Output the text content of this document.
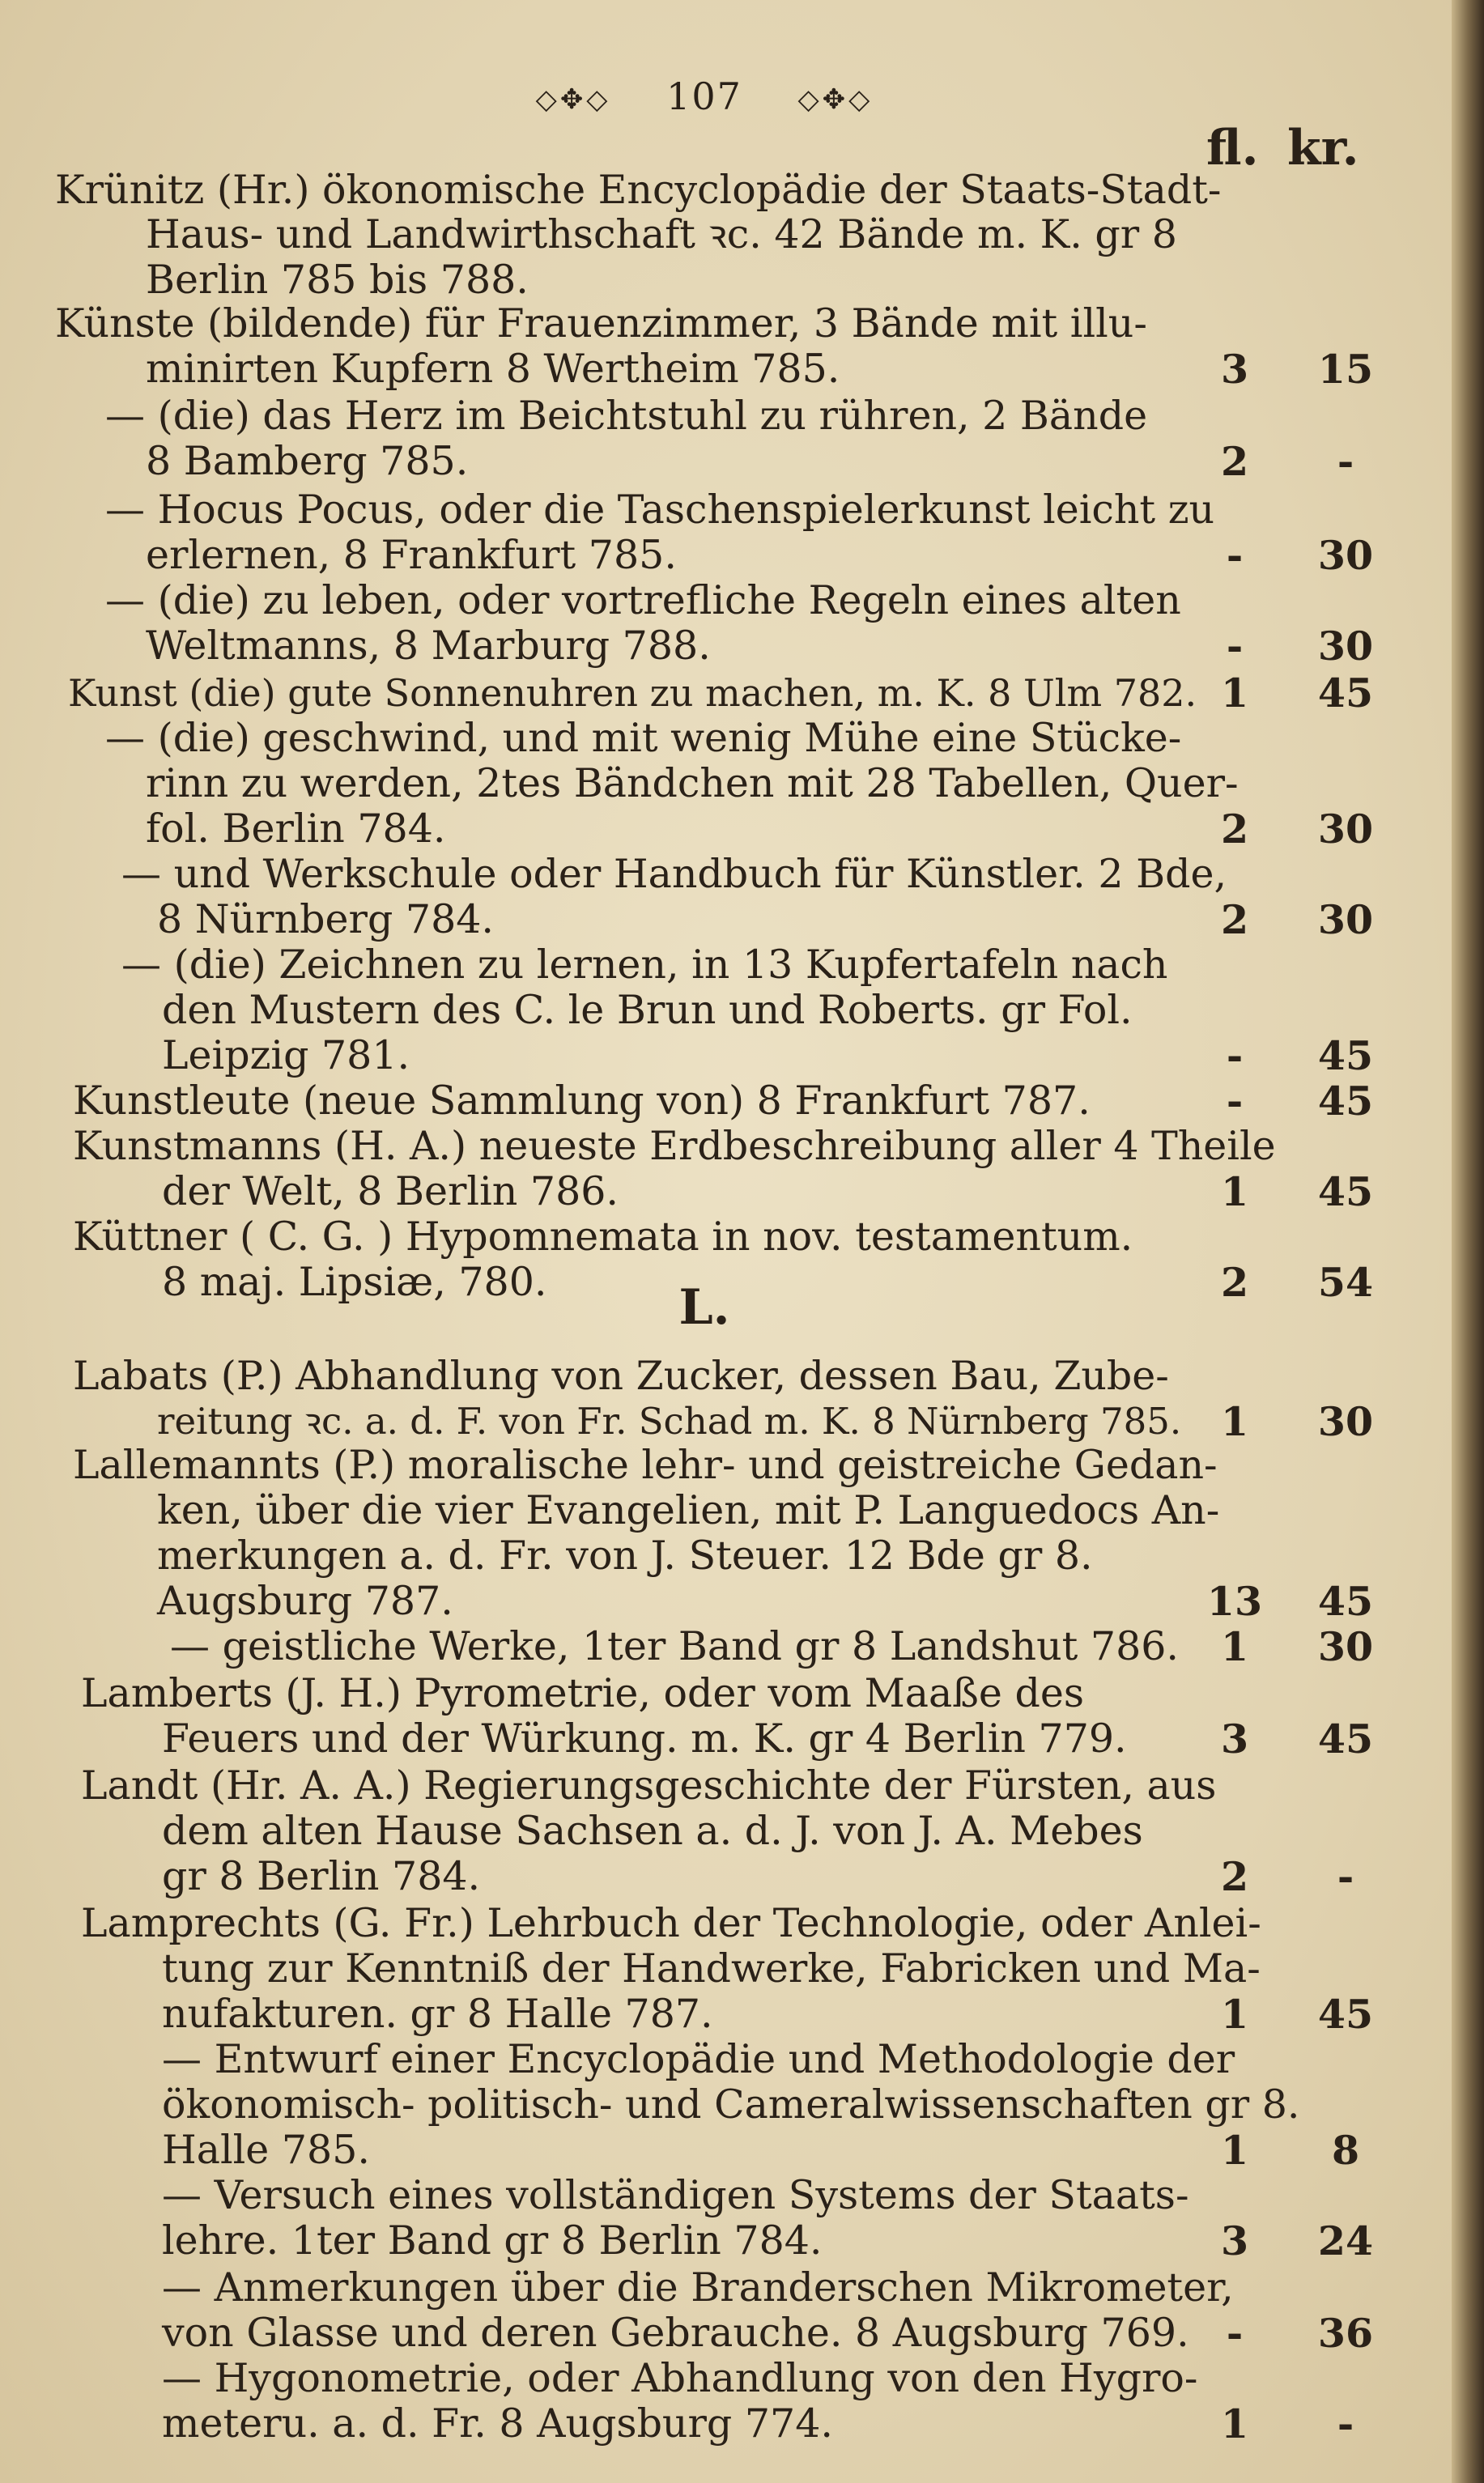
◇✥◇ 107 ◇✥◇
fl. kr.
Krünitz (Hr.) ökonomische Encyclopädie der Staats-Stadt-
Haus- und Landwirthschaft ꝛc. 42 Bände m. K. gr 8
Berlin 785 bis 788.
Künste (bildende) für Frauenzimmer, 3 Bände mit illu-
minirten Kupfern 8 Wertheim 785.	3	15
— (die) das Herz im Beichtstuhl zu rühren, 2 Bände
8 Bamberg 785.	2	-
— Hocus Pocus, oder die Taschenspielerkunst leicht zu
erlernen, 8 Frankfurt 785.	-	30
— (die) zu leben, oder vortrefliche Regeln eines alten
Weltmanns, 8 Marburg 788.	-	30
Kunst (die) gute Sonnenuhren zu machen, m. K. 8 Ulm 782. 1	45
— (die) geschwind, und mit wenig Mühe eine Stücke-
rinn zu werden, 2tes Bändchen mit 28 Tabellen, Quer-
fol. Berlin 784.	2	30
— und Werkschule oder Handbuch für Künstler. 2 Bde,
8 Nürnberg 784.	2	30
— (die) Zeichnen zu lernen, in 13 Kupfertafeln nach
den Mustern des C. le Brun und Roberts. gr Fol.
Leipzig 781.	-	45
Kunstleute (neue Sammlung von) 8 Frankfurt 787.	-	45
Kunstmanns (H. A.) neueste Erdbeschreibung aller 4 Theile
der Welt, 8 Berlin 786.	1	45
Küttner ( C. G. ) Hypomnemata in nov. testamentum.
8 maj. Lipsiæ, 780.	2	54
Labats (P.) Abhandlung von Zucker, dessen Bau, Zube-
reitung ꝛc. a. d. F. von Fr. Schad m. K. 8 Nürnberg 785. 1	30
Lallemannts (P.) moralische lehr- und geistreiche Gedan-
ken, über die vier Evangelien, mit P. Languedocs An-
merkungen a. d. Fr. von J. Steuer. 12 Bde gr 8.
Augsburg 787.	13	45
— geistliche Werke, 1ter Band gr 8 Landshut 786.	1	30
Lamberts (J. H.) Pyrometrie, oder vom Maaße des
Feuers und der Würkung. m. K. gr 4 Berlin 779.	3	45
Landt (Hr. A. A.) Regierungsgeschichte der Fürsten, aus
dem alten Hause Sachsen a. d. J. von J. A. Mebes
gr 8 Berlin 784.	2	-
Lamprechts (G. Fr.) Lehrbuch der Technologie, oder Anlei-
tung zur Kenntniß der Handwerke, Fabricken und Ma-
nufakturen. gr 8 Halle 787.	1	45
— Entwurf einer Encyclopädie und Methodologie der
ökonomisch- politisch- und Cameralwissenschaften gr 8.
Halle 785.	1	8
— Versuch eines vollständigen Systems der Staats-
lehre. 1ter Band gr 8 Berlin 784.	3	24
— Anmerkungen über die Branderschen Mikrometer,
von Glasse und deren Gebrauche. 8 Augsburg 769. -	36
— Hygonometrie, oder Abhandlung von den Hygro-
meteru. a. d. Fr. 8 Augsburg 774.	1	-
L.
